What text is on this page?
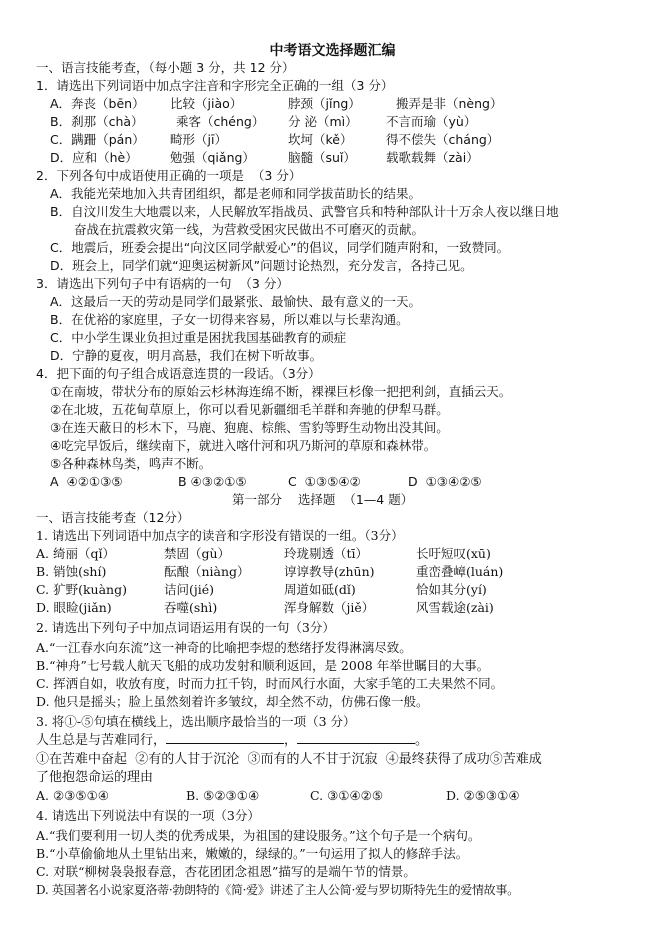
中考语文选择题汇编
一、语言技能考查，（每小题 3 分，共 12 分）
1．请选出下列词语中加点字注音和字形完全正确的一组（3 分）
A．奔丧（bēn） 比较（jiào）	脖颈（jǐng）	搬弄是非（nèng）
B．刹那（chà）	乘客（chéng） 分 泌（mì） 不言而瑜（yù）
C．蹒跚（pán） 畸形（jī）	坎坷（kě）	得不偿失（cháng）
D．应和（hè）	勉强（qiǎng）	脑髓（suǐ） 载歌载舞（zài）
2．下列各句中成语使用正确的一项是  （3 分）
A．我能光荣地加入共青团组织，都是老师和同学拔苗助长的结果。
B．自汶川发生大地震以来，人民解放军指战员、武警官兵和特种部队计十万余人夜以继日地
奋战在抗震救灾第一线，为营救受困灾民做出不可磨灭的贡献。
C．地震后，班委会提出“向汶区同学献爱心”的倡议，同学们随声附和，一致赞同。
D．班会上，同学们就“迎奥运树新风”问题讨论热烈，充分发言，各持己见。
3．请选出下列句子中有语病的一句  （3 分）
A．这最后一天的劳动是同学们最紧张、最愉快、最有意义的一天。
B．在优裕的家庭里，子女一切得来容易，所以难以与长辈沟通。
C．中小学生课业负担过重是困扰我国基础教育的顽症
D．宁静的夏夜，明月高悬，我们在树下听故事。
4．把下面的句子组合成语意连贯的一段话。（3分）
①在南坡，带状分布的原始云杉林海连绵不断，裸裸巨杉像一把把利剑，直插云天。
②在北坡，五花甸草原上，你可以看见新疆细毛羊群和奔驰的伊犁马群。
③在连天蔽日的杉木下，马鹿、狍鹿、棕熊、雪豹等野生动物出没其间。
④吃完早饭后，继续南下，就进入喀什河和巩乃斯河的草原和森林带。
⑤各种森林鸟类，鸣声不断。
A  ④②①③⑤	B ④③②①⑤	C  ①③⑤④②	D  ①③④②⑤
第一部分    选择题  （1—4 题）
一、语言技能考查（12分）
1. 请选出下列词语中加点字的读音和字形没有错误的一组。（3分）
A. 绮丽（qǐ）	禁固（gù）	玲珑剔透（tī）	长吁短叹(xū)
B. 销蚀(shí)	酝酿（niàng）	谆谆教导(zhūn)	重峦叠嶂(luán)
C. 犷野(kuàng)	诘问(jié)	周道如砥(dǐ)	恰如其分(yí)
D. 眼睑(jiǎn)	吞噬(shì)	浑身解数（jiě）	风雪载途(zài)
2. 请选出下列句子中加点词语运用有误的一句（3分）
A.“一江春水向东流”这一神奇的比喻把李煜的愁绪抒发得淋漓尽致。
B.“神舟”七号载人航天飞船的成功发射和顺利返回，是 2008 年举世瞩目的大事。
C. 挥洒自如，收放有度，时而力扛千钧，时而风行水面，大家手笔的工夫果然不同。
D. 他只是摇头；脸上虽然刻着许多皱纹，却全然不动，仿佛石像一般。
3. 将①-⑤句填在横线上，选出顺序最恰当的一项（3 分）
人生总是与苦难同行，	，	。
①在苦难中奋起  ②有的人甘于沉沦  ③而有的人不甘于沉寂  ④最终获得了成功⑤苦难成
了他抱怨命运的理由
A. ②③⑤①④	B. ⑤②③①④	C. ③①④②⑤	D. ②⑤③①④
4. 请选出下列说法中有误的一项（3分）
A.“我们要利用一切人类的优秀成果，为祖国的建设服务。”这个句子是一个病句。
B.“小草偷偷地从土里钻出来，嫩嫩的，绿绿的。”一句运用了拟人的修辞手法。
C. 对联“柳树袅袅报春意，杏花团团念祖恩”描写的是端午节的情景。
D. 英国著名小说家夏洛蒂·勃朗特的《简·爱》讲述了主人公简·爱与罗切斯特先生的爱情故事。
